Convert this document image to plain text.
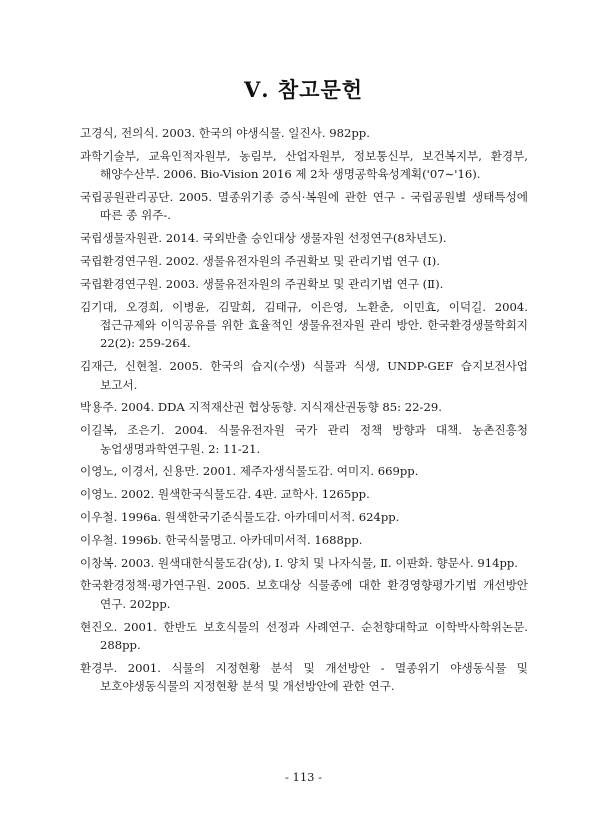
Ⅴ. 참고문헌
고경식, 전의식. 2003. 한국의 야생식물. 일진사. 982pp.
과학기술부, 교육인적자원부, 농림부, 산업자원부, 정보통신부, 보건복지부, 환경부, 해양수산부. 2006. Bio-Vision 2016 제 2차 생명공학육성계획('07∼'16).
국립공원관리공단. 2005. 멸종위기종 증식·복원에 관한 연구 - 국립공원별 생태특성에 따른 종 위주-.
국립생물자원관. 2014. 국외반출 승인대상 생물자원 선정연구(8차년도).
국립환경연구원. 2002. 생물유전자원의 주권확보 및 관리기법 연구 (Ⅰ).
국립환경연구원. 2003. 생물유전자원의 주권확보 및 관리기법 연구 (Ⅱ).
김기대, 오경희, 이병윤, 김말희, 김태규, 이은영, 노환춘, 이민효, 이덕길. 2004. 접근규제와 이익공유를 위한 효율적인 생물유전자원 관리 방안. 한국환경생물학회지 22(2): 259-264.
김재근, 신현철. 2005. 한국의 습지(수생) 식물과 식생, UNDP-GEF 습지보전사업 보고서.
박용주. 2004. DDA 지적재산권 협상동향. 지식재산권동향 85: 22-29.
이길복, 조은기. 2004. 식물유전자원 국가 관리 정책 방향과 대책. 농촌진흥청 농업생명과학연구원. 2: 11-21.
이영노, 이경서, 신용만. 2001. 제주자생식물도감. 여미지. 669pp.
이영노. 2002. 원색한국식물도감. 4판. 교학사. 1265pp.
이우철. 1996a. 원색한국기준식물도감. 아카데미서적. 624pp.
이우철. 1996b. 한국식물명고. 아카데미서적. 1688pp.
이창복. 2003. 원색대한식물도감(상), Ⅰ. 양치 및 나자식물, Ⅱ. 이판화. 향문사. 914pp.
한국환경정책·평가연구원. 2005. 보호대상 식물종에 대한 환경영향평가기법 개선방안 연구. 202pp.
현진오. 2001. 한반도 보호식물의 선정과 사례연구. 순천향대학교 이학박사학위논문. 288pp.
환경부. 2001. 식물의 지정현황 분석 및 개선방안 - 멸종위기 야생동식물 및 보호야생동식물의 지정현황 분석 및 개선방안에 관한 연구.
- 113 -
